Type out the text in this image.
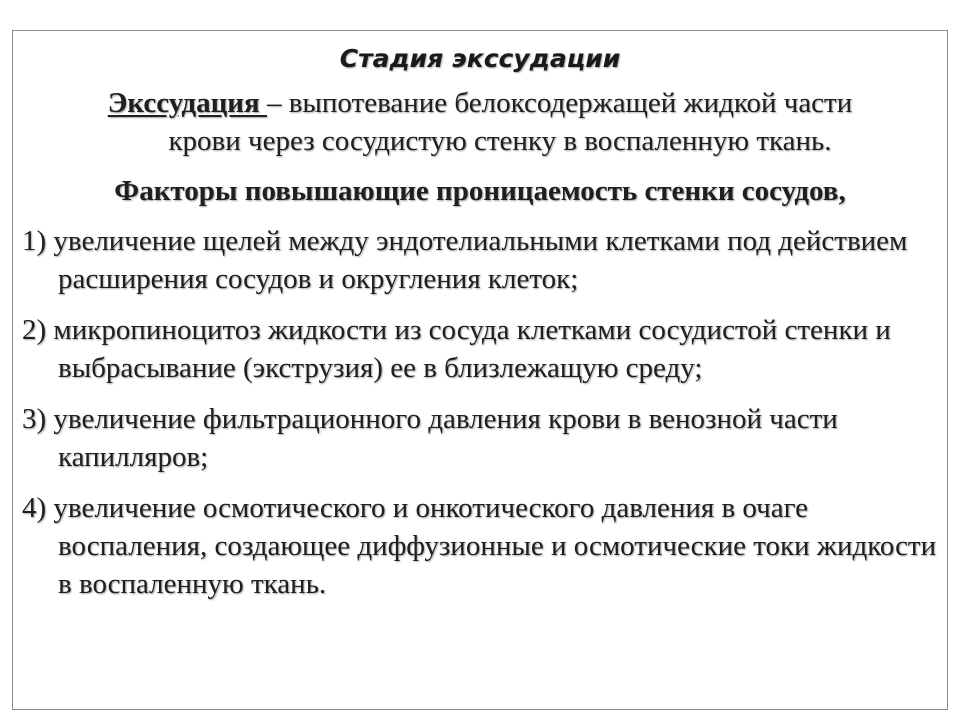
Стадия экссудации

Экссудация – выпотевание белоксодержащей жидкой части
крови через сосудистую стенку в воспаленную ткань.

Факторы повышающие проницаемость стенки сосудов,

1) увеличение щелей между эндотелиальными клетками под действием расширения сосудов и округления клеток;
2) микропиноцитоз жидкости из сосуда клетками сосудистой стенки и выбрасывание (экструзия) ее в близлежащую среду;
3) увеличение фильтрационного давления крови в венозной части капилляров;
4) увеличение осмотического и онкотического давления в очаге воспаления, создающее диффузионные и осмотические токи жидкости в воспаленную ткань.
